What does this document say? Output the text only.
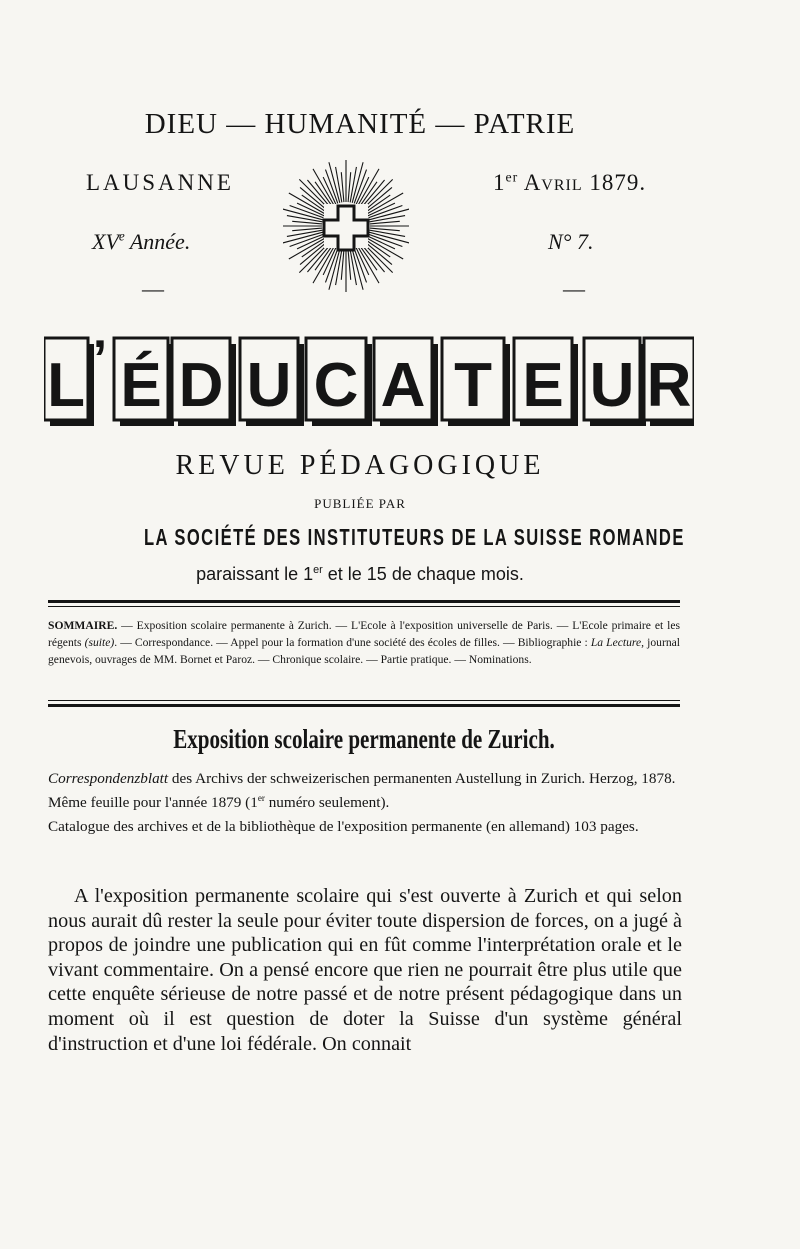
DIEU — HUMANITÉ — PATRIE
LAUSANNE	1er Avril 1879.
XVe Année.	N° 7.
—	—
L ’ É D U C A T E U R
REVUE PÉDAGOGIQUE
PUBLIÉE PAR
LA SOCIÉTÉ DES INSTITUTEURS DE LA SUISSE ROMANDE
paraissant le 1er et le 15 de chaque mois.
SOMMAIRE. — Exposition scolaire permanente à Zurich. — L'Ecole à l'exposition universelle de Paris. — L'Ecole primaire et les régents (suite). — Correspondance. — Appel pour la formation d'une société des écoles de filles. — Bibliographie : La Lecture, journal genevois, ouvrages de MM. Bornet et Paroz. — Chronique scolaire. — Partie pratique. — Nominations.
Exposition scolaire permanente de Zurich.

Correspondenzblatt des Archivs der schweizerischen permanenten Austellung in Zurich. Herzog, 1878.

Même feuille pour l'année 1879 (1er numéro seulement).

Catalogue des archives et de la bibliothèque de l'exposition permanente (en allemand) 103 pages.

A l'exposition permanente scolaire qui s'est ouverte à Zurich et qui selon nous aurait dû rester la seule pour éviter toute dispersion de forces, on a jugé à propos de joindre une publication qui en fût comme l'interprétation orale et le vivant commentaire. On a pensé encore que rien ne pourrait être plus utile que cette enquête sérieuse de notre passé et de notre présent pédagogique dans un moment où il est question de doter la Suisse d'un système général d'instruction et d'une loi fédérale. On connait
